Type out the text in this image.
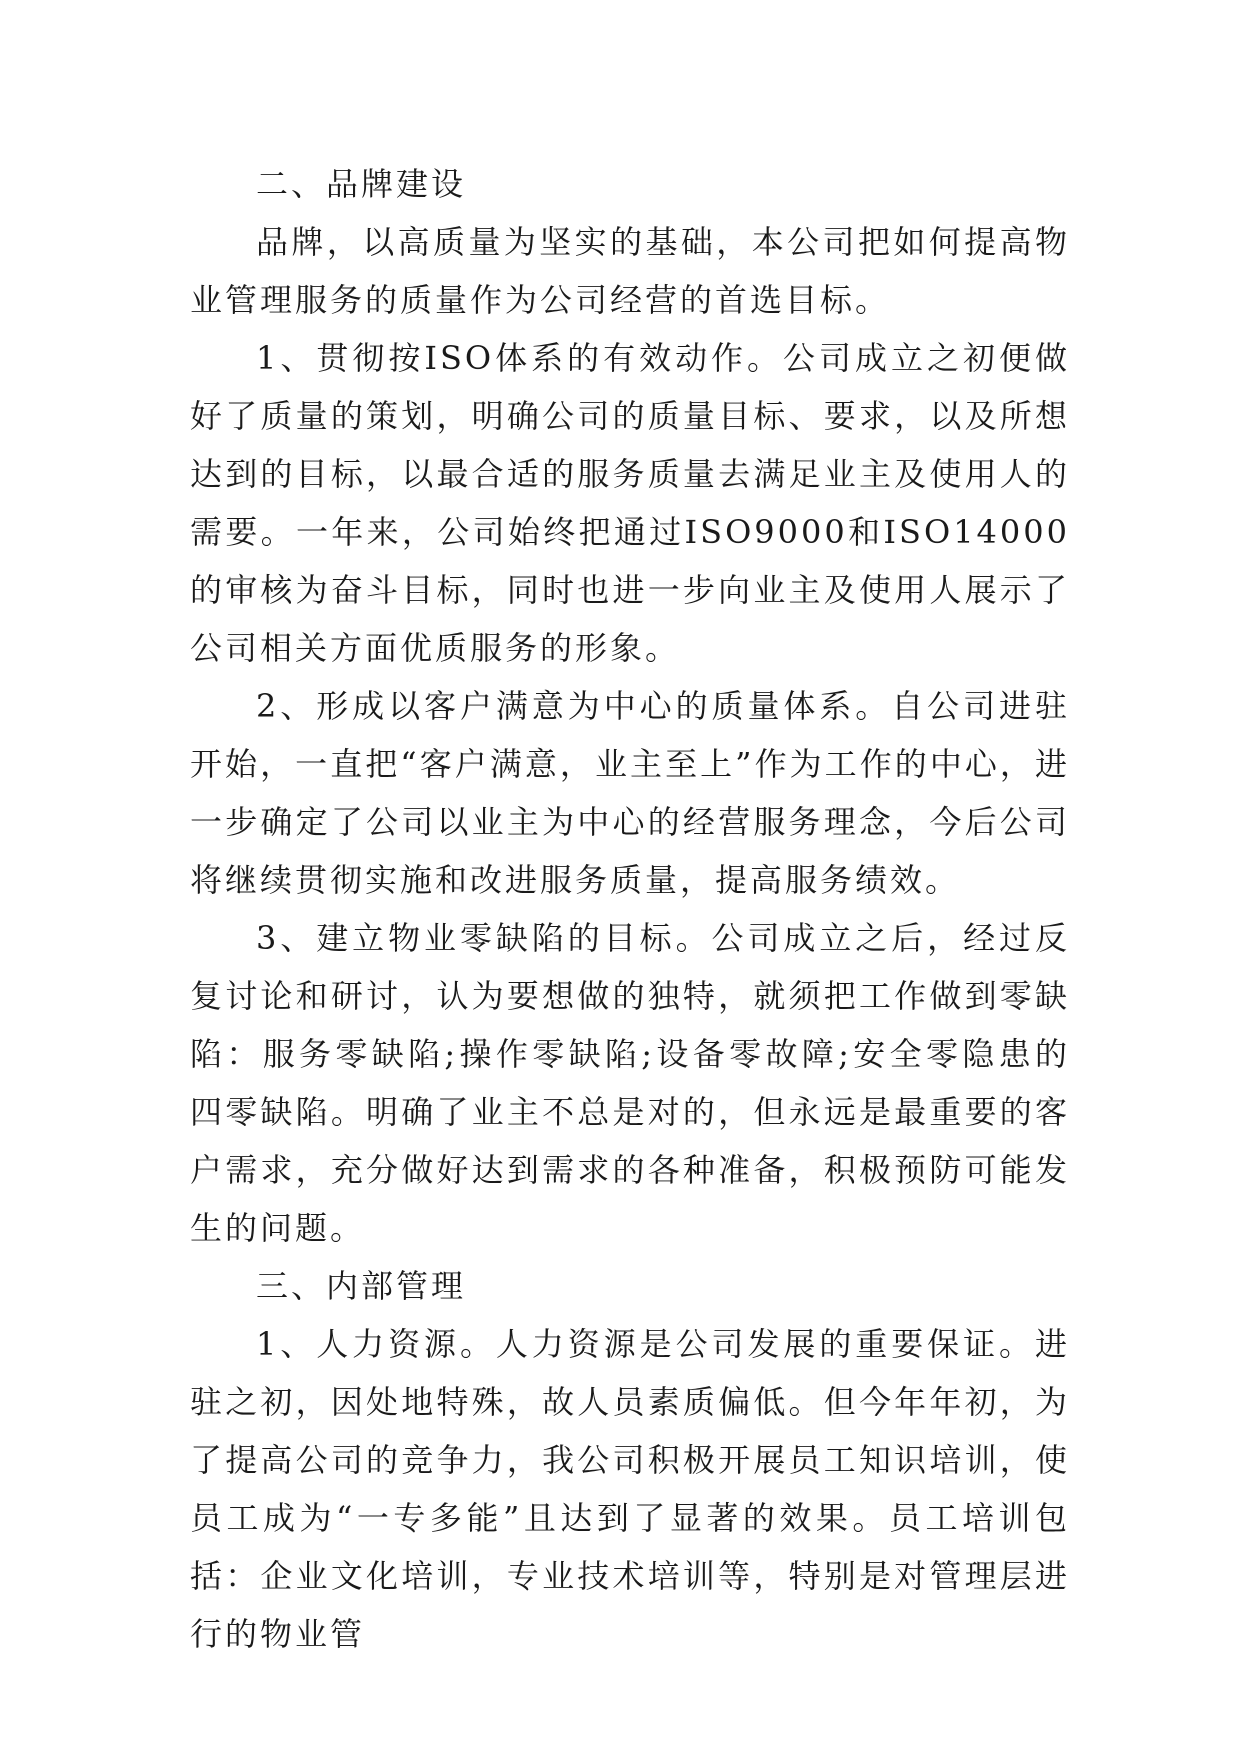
二、品牌建设

品牌，以高质量为坚实的基础，本公司把如何提高物业管理服务的质量作为公司经营的首选目标。

1、贯彻按ISO体系的有效动作。公司成立之初便做好了质量的策划，明确公司的质量目标、要求，以及所想达到的目标，以最合适的服务质量去满足业主及使用人的需要。一年来，公司始终把通过ISO9000和ISO14000的审核为奋斗目标，同时也进一步向业主及使用人展示了公司相关方面优质服务的形象。

2、形成以客户满意为中心的质量体系。自公司进驻开始，一直把“客户满意，业主至上”作为工作的中心，进一步确定了公司以业主为中心的经营服务理念，今后公司将继续贯彻实施和改进服务质量，提高服务绩效。

3、建立物业零缺陷的目标。公司成立之后，经过反复讨论和研讨，认为要想做的独特，就须把工作做到零缺陷：服务零缺陷;操作零缺陷;设备零故障;安全零隐患的四零缺陷。明确了业主不总是对的，但永远是最重要的客户需求，充分做好达到需求的各种准备，积极预防可能发生的问题。

三、内部管理

1、人力资源。人力资源是公司发展的重要保证。进驻之初，因处地特殊，故人员素质偏低。但今年年初，为了提高公司的竞争力，我公司积极开展员工知识培训，使员工成为“一专多能”且达到了显著的效果。员工培训包括：企业文化培训，专业技术培训等，特别是对管理层进行的物业管
